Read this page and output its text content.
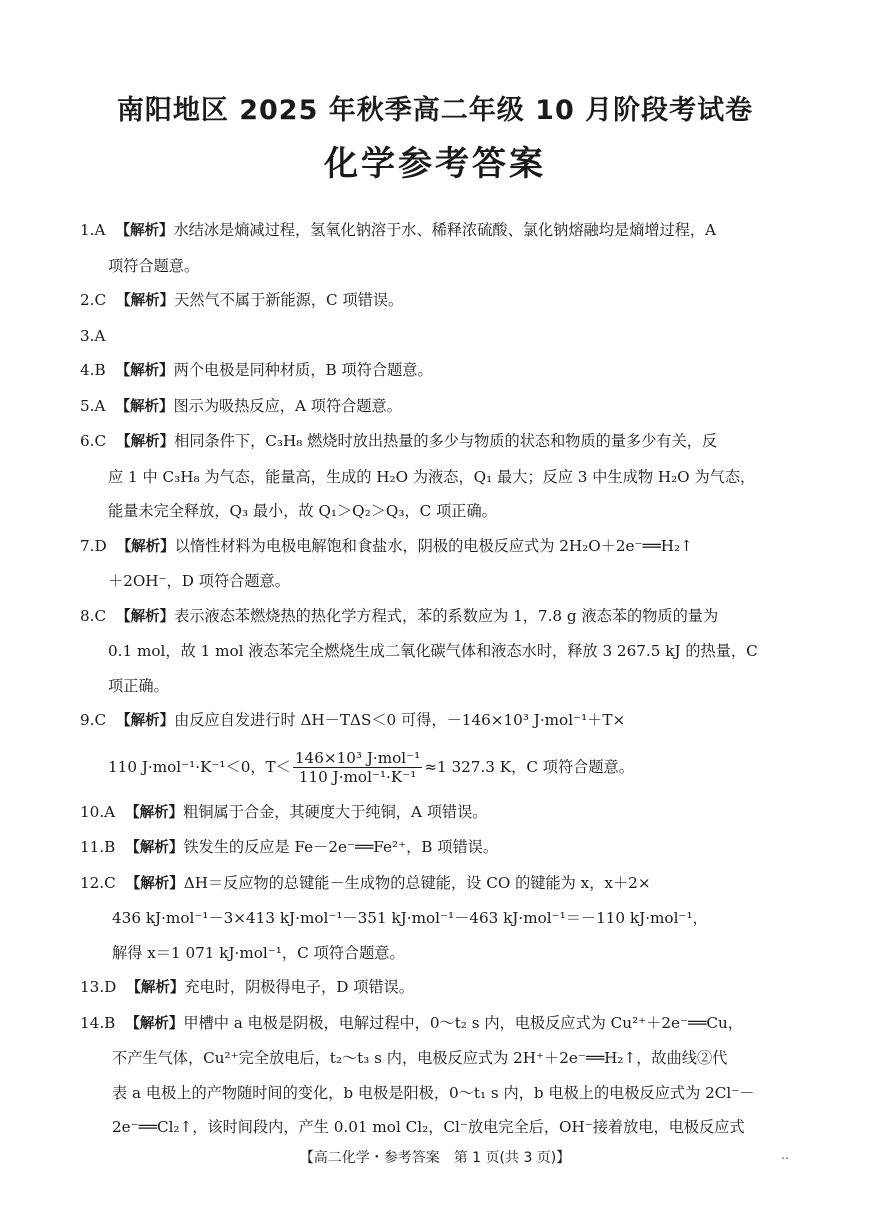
南阳地区 2025 年秋季高二年级 10 月阶段考试卷
化学参考答案
1.A 【解析】水结冰是熵减过程，氢氧化钠溶于水、稀释浓硫酸、氯化钠熔融均是熵增过程，A
项符合题意。
2.C 【解析】天然气不属于新能源，C 项错误。
3.A
4.B 【解析】两个电极是同种材质，B 项符合题意。
5.A 【解析】图示为吸热反应，A 项符合题意。
6.C 【解析】相同条件下，C₃H₈ 燃烧时放出热量的多少与物质的状态和物质的量多少有关，反
应 1 中 C₃H₈ 为气态，能量高，生成的 H₂O 为液态，Q₁ 最大；反应 3 中生成物 H₂O 为气态，
能量未完全释放，Q₃ 最小，故 Q₁＞Q₂＞Q₃，C 项正确。
7.D 【解析】以惰性材料为电极电解饱和食盐水，阴极的电极反应式为 2H₂O＋2e⁻══H₂↑
＋2OH⁻，D 项符合题意。
8.C 【解析】表示液态苯燃烧热的热化学方程式，苯的系数应为 1，7.8 g 液态苯的物质的量为
0.1 mol，故 1 mol 液态苯完全燃烧生成二氧化碳气体和液态水时，释放 3 267.5 kJ 的热量，C
项正确。
9.C 【解析】由反应自发进行时 ΔH－TΔS＜0 可得，－146×10³ J·mol⁻¹＋T×
110 J·mol⁻¹·K⁻¹＜0，$T< \frac{\text{146×10³ J·mol⁻¹}}{\text{110 J·mol⁻¹·K⁻¹}} \approx 1$ 327.3 K，C 项符合题意。
10.A 【解析】粗铜属于合金，其硬度大于纯铜，A 项错误。
11.B 【解析】铁发生的反应是 Fe－2e⁻══Fe²⁺，B 项错误。
12.C 【解析】ΔH＝反应物的总键能－生成物的总键能，设 CO 的键能为 x，x＋2×
436 kJ·mol⁻¹－3×413 kJ·mol⁻¹－351 kJ·mol⁻¹－463 kJ·mol⁻¹＝－110 kJ·mol⁻¹，
解得 x＝1 071 kJ·mol⁻¹，C 项符合题意。
13.D 【解析】充电时，阴极得电子，D 项错误。
14.B 【解析】甲槽中 a 电极是阴极，电解过程中，0～t₂ s 内，电极反应式为 Cu²⁺＋2e⁻══Cu，
不产生气体，Cu²⁺完全放电后，t₂～t₃ s 内，电极反应式为 2H⁺＋2e⁻══H₂↑，故曲线②代
表 a 电极上的产物随时间的变化，b 电极是阳极，0～t₁ s 内，b 电极上的电极反应式为 2Cl⁻－
2e⁻══Cl₂↑，该时间段内，产生 0.01 mol Cl₂，Cl⁻放电完全后，OH⁻接着放电，电极反应式
【高二化学・参考答案　第 1 页(共 3 页)】	‥
